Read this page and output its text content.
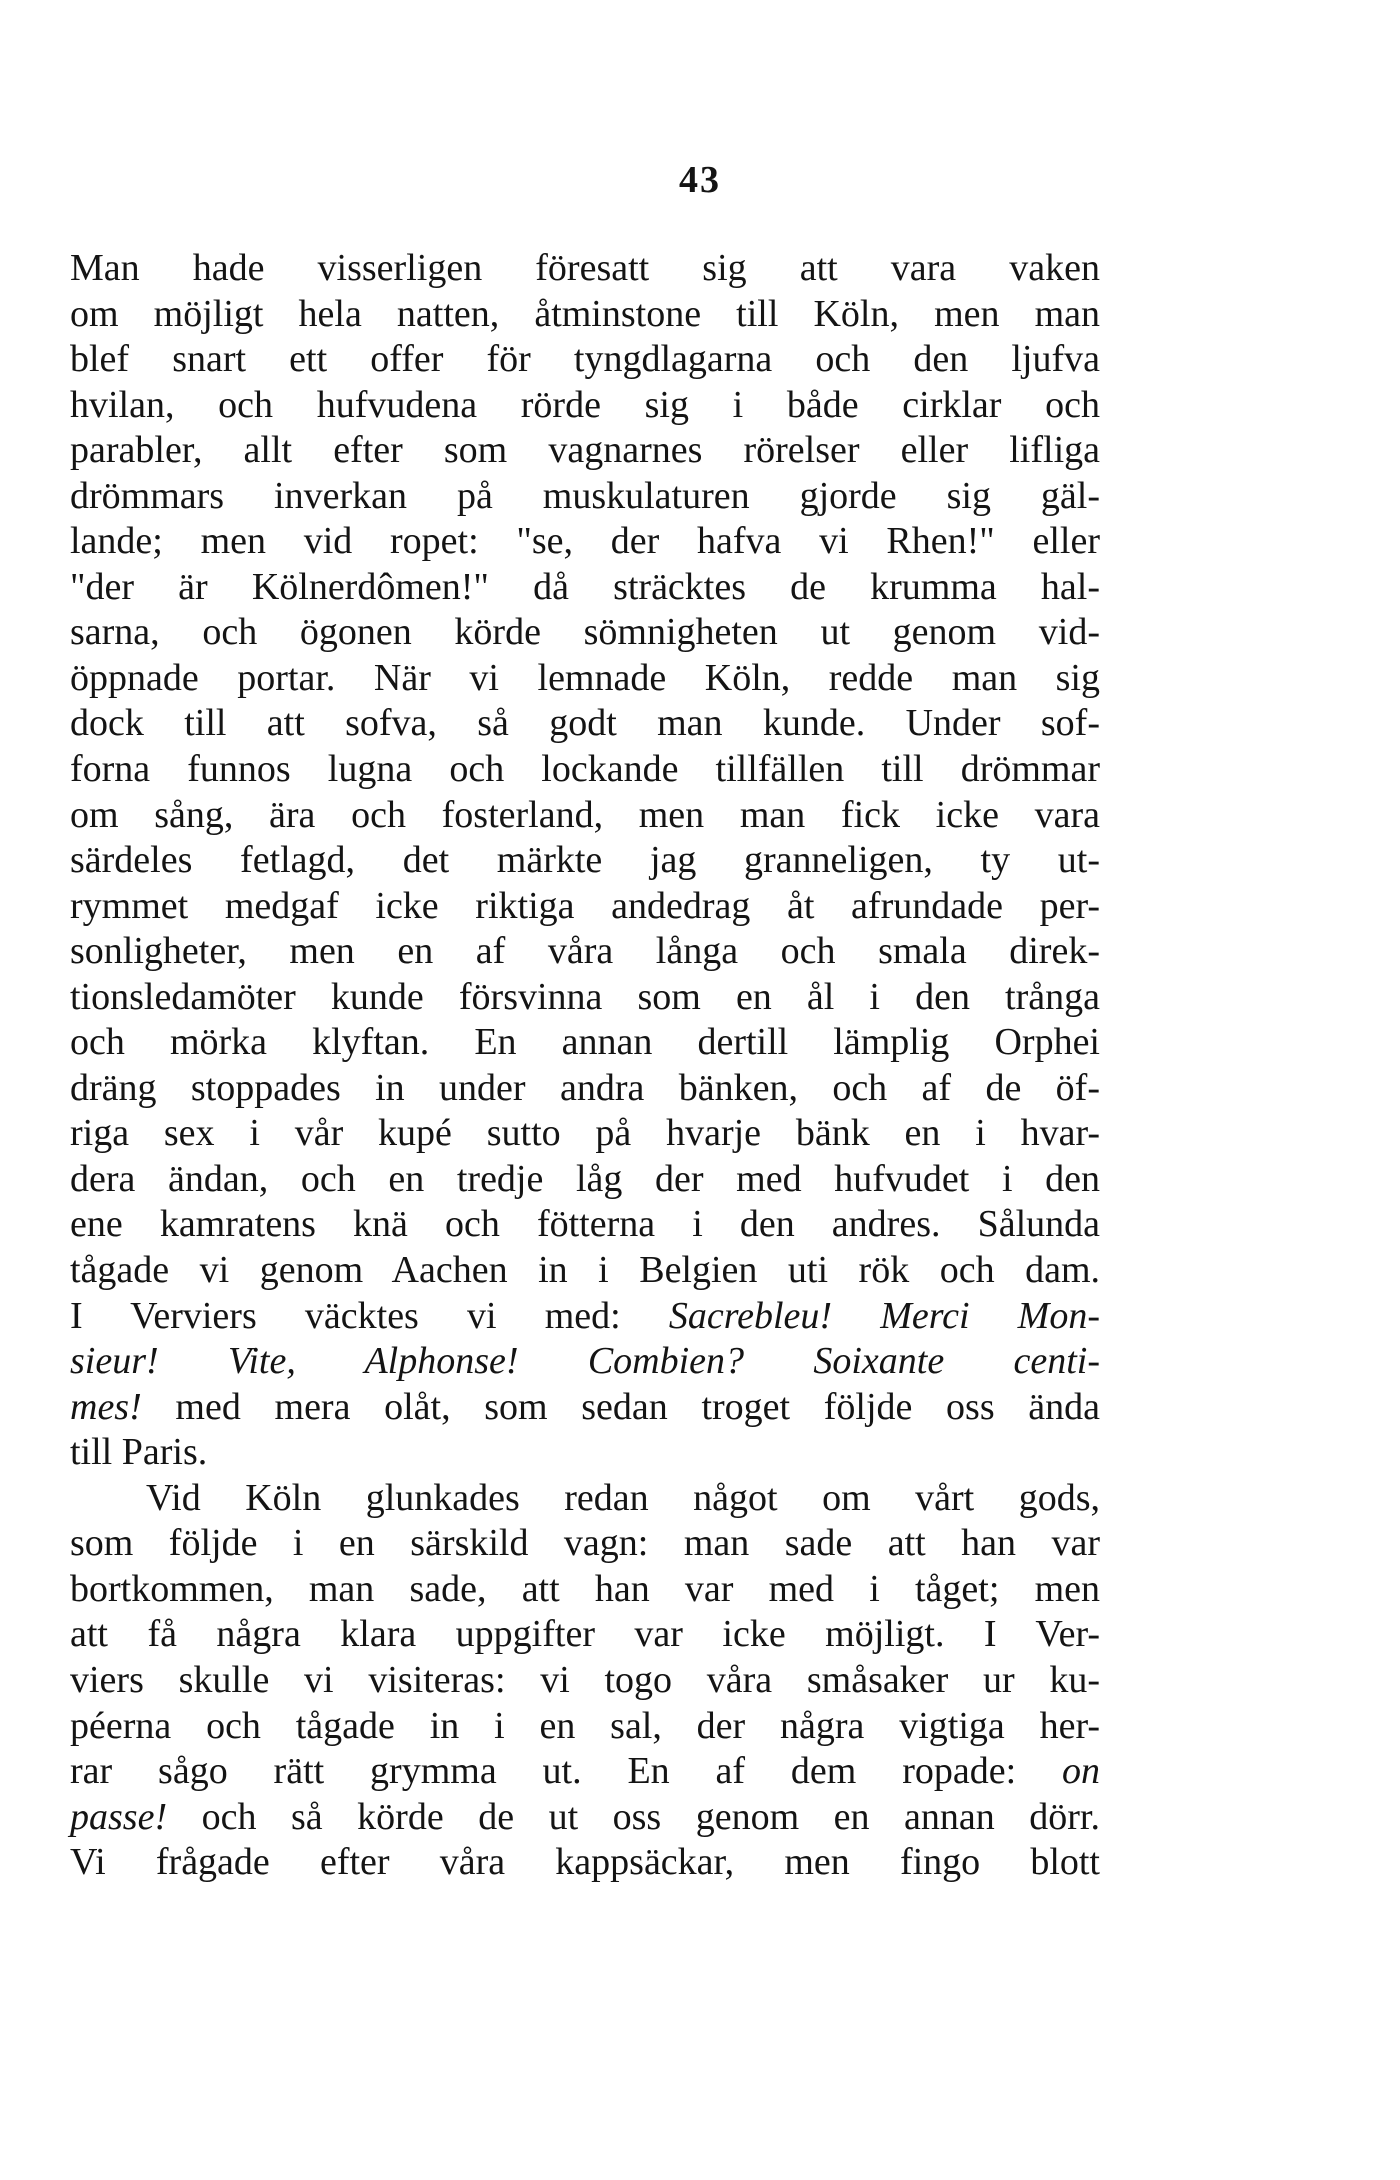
43
Man hade visserligen föresatt sig att vara vaken
om möjligt hela natten, åtminstone till Köln, men man
blef snart ett offer för tyngdlagarna och den ljufva
hvilan, och hufvudena rörde sig i både cirklar och
parabler, allt efter som vagnarnes rörelser eller lifliga
drömmars inverkan på muskulaturen gjorde sig gäl-
lande; men vid ropet: "se, der hafva vi Rhen!" eller
"der är Kölnerdômen!" då sträcktes de krumma hal-
sarna, och ögonen körde sömnigheten ut genom vid-
öppnade portar. När vi lemnade Köln, redde man sig
dock till att sofva, så godt man kunde. Under sof-
forna funnos lugna och lockande tillfällen till drömmar
om sång, ära och fosterland, men man fick icke vara
särdeles fetlagd, det märkte jag granneligen, ty ut-
rymmet medgaf icke riktiga andedrag åt afrundade per-
sonligheter, men en af våra långa och smala direk-
tionsledamöter kunde försvinna som en ål i den trånga
och mörka klyftan. En annan dertill lämplig Orphei
dräng stoppades in under andra bänken, och af de öf-
riga sex i vår kupé sutto på hvarje bänk en i hvar-
dera ändan, och en tredje låg der med hufvudet i den
ene kamratens knä och fötterna i den andres. Sålunda
tågade vi genom Aachen in i Belgien uti rök och dam.
I Verviers väcktes vi med: Sacrebleu! Merci Mon-
sieur! Vite, Alphonse! Combien? Soixante centi-
mes! med mera olåt, som sedan troget följde oss ända
till Paris.
Vid Köln glunkades redan något om vårt gods,
som följde i en särskild vagn: man sade att han var
bortkommen, man sade, att han var med i tåget; men
att få några klara uppgifter var icke möjligt. I Ver-
viers skulle vi visiteras: vi togo våra småsaker ur ku-
péerna och tågade in i en sal, der några vigtiga her-
rar sågo rätt grymma ut. En af dem ropade: on
passe! och så körde de ut oss genom en annan dörr.
Vi frågade efter våra kappsäckar, men fingo blott
